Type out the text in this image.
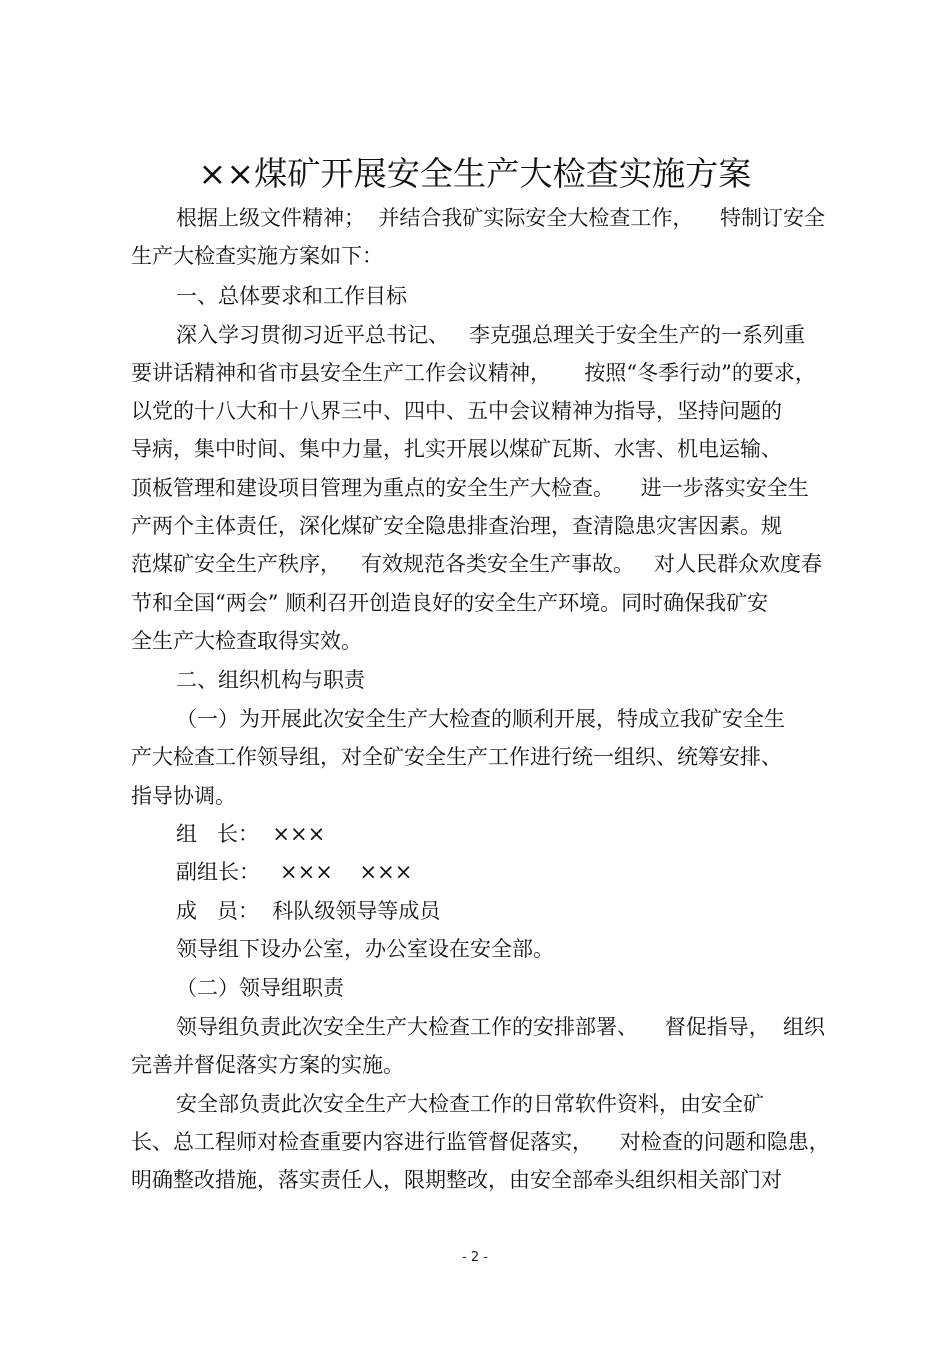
××煤矿开展安全生产大检查实施方案

根据上级文件精神；  并结合我矿实际安全大检查工作，    特制订安全

生产大检查实施方案如下：

一、总体要求和工作目标

深入学习贯彻习近平总书记、   李克强总理关于安全生产的一系列重

要讲话精神和省市县安全生产工作会议精神，     按照“冬季行动”的要求，

以党的十八大和十八界三中、四中、五中会议精神为指导，坚持问题的

导病，集中时间、集中力量，扎实开展以煤矿瓦斯、水害、机电运输、

顶板管理和建设项目管理为重点的安全生产大检查。    进一步落实安全生

产两个主体责任，深化煤矿安全隐患排查治理，查清隐患灾害因素。规

范煤矿安全生产秩序，   有效规范各类安全生产事故。   对人民群众欢度春

节和全国“两会” 顺利召开创造良好的安全生产环境。同时确保我矿安

全生产大检查取得实效。

二、组织机构与职责

（一）为开展此次安全生产大检查的顺利开展，特成立我矿安全生

产大检查工作领导组，对全矿安全生产工作进行统一组织、统筹安排、

指导协调。

组   长：  ×××

副组长：   ×××    ×××

成   员：  科队级领导等成员

领导组下设办公室，办公室设在安全部。

（二）领导组职责

领导组负责此次安全生产大检查工作的安排部署、    督促指导，  组织

完善并督促落实方案的实施。

安全部负责此次安全生产大检查工作的日常软件资料，由安全矿

长、总工程师对检查重要内容进行监管督促落实，    对检查的问题和隐患，

明确整改措施，落实责任人，限期整改，由安全部牵头组织相关部门对

- 2 -
